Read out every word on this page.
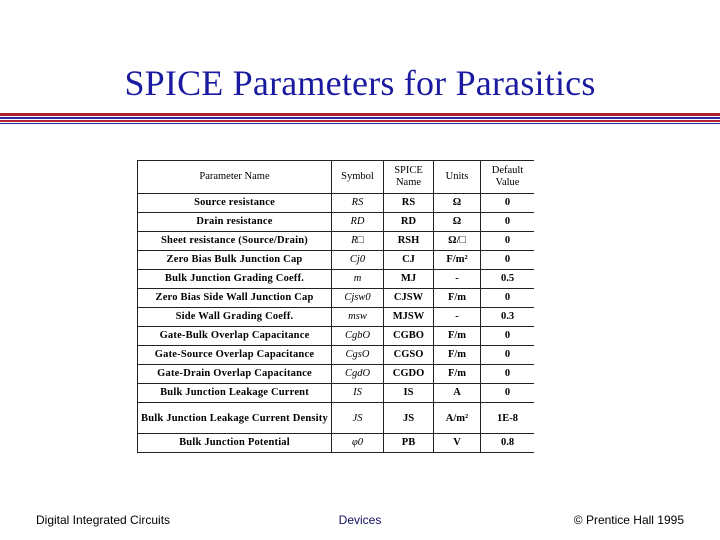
SPICE Parameters for Parasitics
Parameter Name	Symbol	SPICE Name	Units	Default Value
Source resistance	RS	RS	Ω	0
Drain resistance	RD	RD	Ω	0
Sheet resistance (Source/Drain)	R□	RSH	Ω/□	0
Zero Bias Bulk Junction Cap	Cj0	CJ	F/m²	0
Bulk Junction Grading Coeff.	m	MJ	-	0.5
Zero Bias Side Wall Junction Cap	Cjsw0	CJSW	F/m	0
Side Wall Grading Coeff.	msw	MJSW	-	0.3
Gate-Bulk Overlap Capacitance	CgbO	CGBO	F/m	0
Gate-Source Overlap Capacitance	CgsO	CGSO	F/m	0
Gate-Drain Overlap Capacitance	CgdO	CGDO	F/m	0
Bulk Junction Leakage Current	IS	IS	A	0
Bulk Junction Leakage Current Density	JS	JS	A/m²	1E-8
Bulk Junction Potential	φ0	PB	V	0.8
Digital Integrated Circuits	Devices	© Prentice Hall 1995
